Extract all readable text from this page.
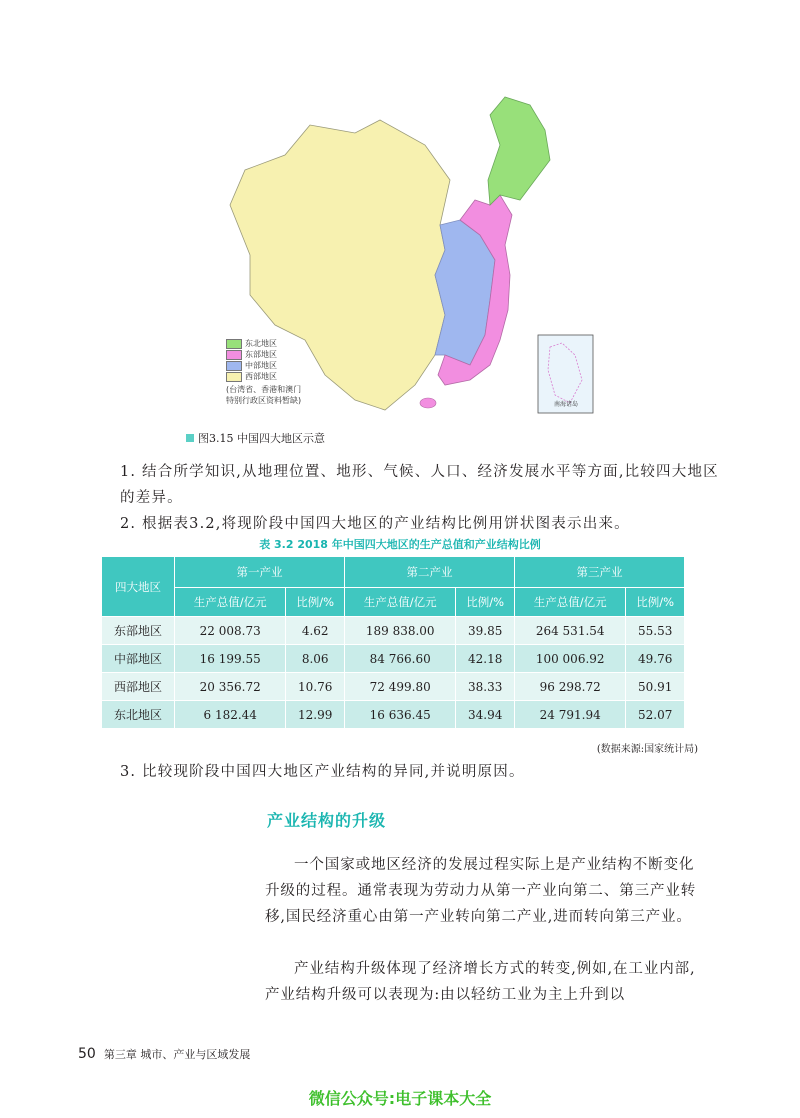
东北地区
东部地区
中部地区
西部地区
(台湾省、香港和澳门特别行政区资料暂缺)	南海诸岛
图3.15 中国四大地区示意
1. 结合所学知识,从地理位置、地形、气候、人口、经济发展水平等方面,比较四大地区的差异。
2. 根据表3.2,将现阶段中国四大地区的产业结构比例用饼状图表示出来。
表 3.2 2018 年中国四大地区的生产总值和产业结构比例
四大地区	第一产业		第二产业		第三产业	
	生产总值/亿元	比例/%	生产总值/亿元	比例/%	生产总值/亿元	比例/%
东部地区	22 008.73	4.62	189 838.00	39.85	264 531.54	55.53
中部地区	16 199.55	8.06	84 766.60	42.18	100 006.92	49.76
西部地区	20 356.72	10.76	72 499.80	38.33	96 298.72	50.91
东北地区	6 182.44	12.99	16 636.45	34.94	24 791.94	52.07
(数据来源:国家统计局)
3. 比较现阶段中国四大地区产业结构的异同,并说明原因。
产业结构的升级
一个国家或地区经济的发展过程实际上是产业结构不断变化升级的过程。通常表现为劳动力从第一产业向第二、第三产业转移,国民经济重心由第一产业转向第二产业,进而转向第三产业。
产业结构升级体现了经济增长方式的转变,例如,在工业内部,产业结构升级可以表现为:由以轻纺工业为主上升到以
50 第三章 城市、产业与区域发展
微信公众号:电子课本大全
